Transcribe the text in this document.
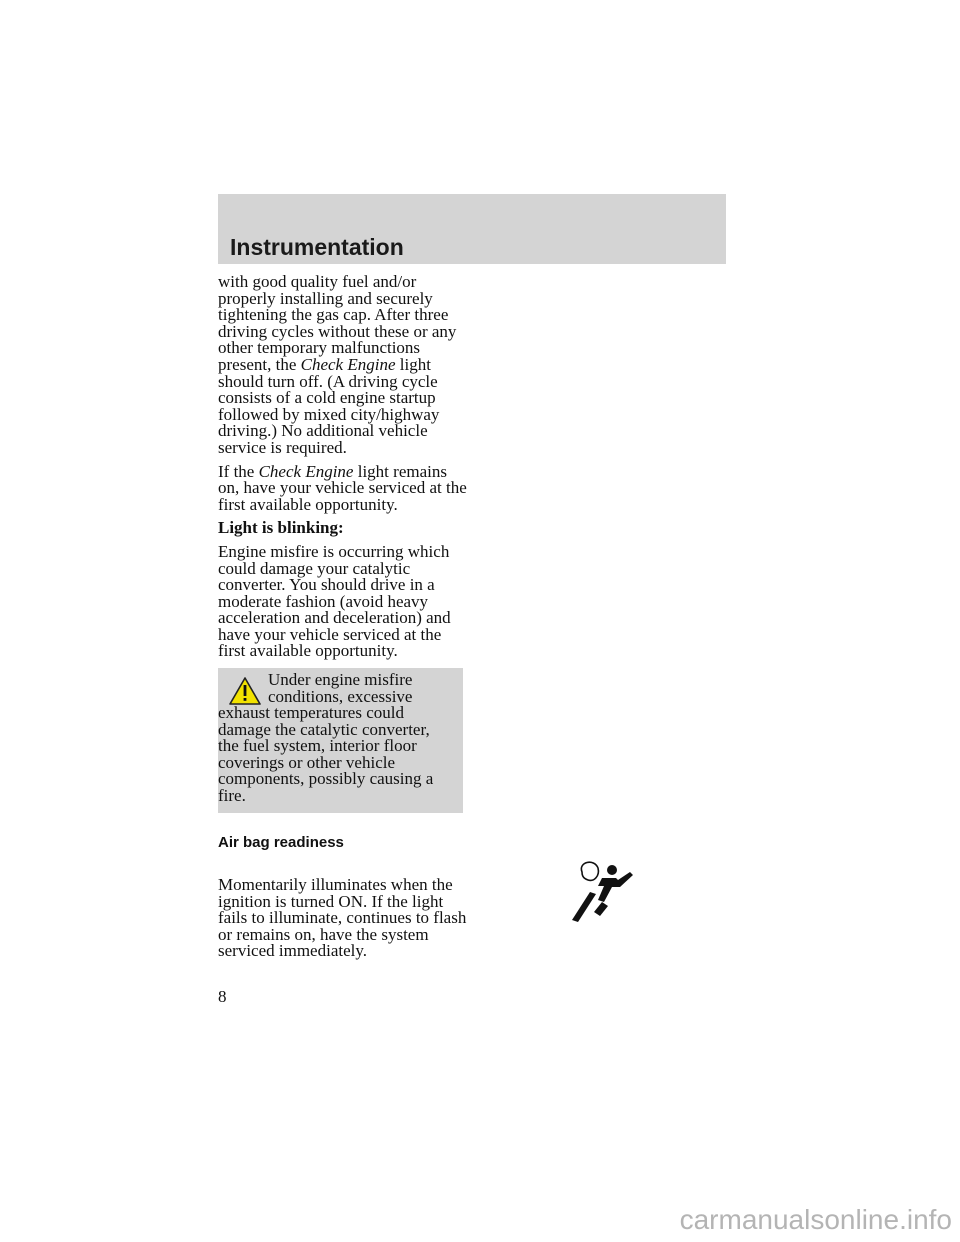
Instrumentation

with good quality fuel and/or properly installing and securely tightening the gas cap. After three driving cycles without these or any other temporary malfunctions present, the Check Engine light should turn off. (A driving cycle consists of a cold engine startup followed by mixed city/highway driving.) No additional vehicle service is required.

If the Check Engine light remains on, have your vehicle serviced at the first available opportunity.

Light is blinking:

Engine misfire is occurring which could damage your catalytic converter. You should drive in a moderate fashion (avoid heavy acceleration and deceleration) and have your vehicle serviced at the first available opportunity.

Under engine misfire
conditions, excessive
exhaust temperatures could damage the catalytic converter, the fuel system, interior floor coverings or other vehicle components, possibly causing a fire.

Air bag readiness

Momentarily illuminates when the ignition is turned ON. If the light fails to illuminate, continues to flash or remains on, have the system serviced immediately.

8

carmanualsonline.info
